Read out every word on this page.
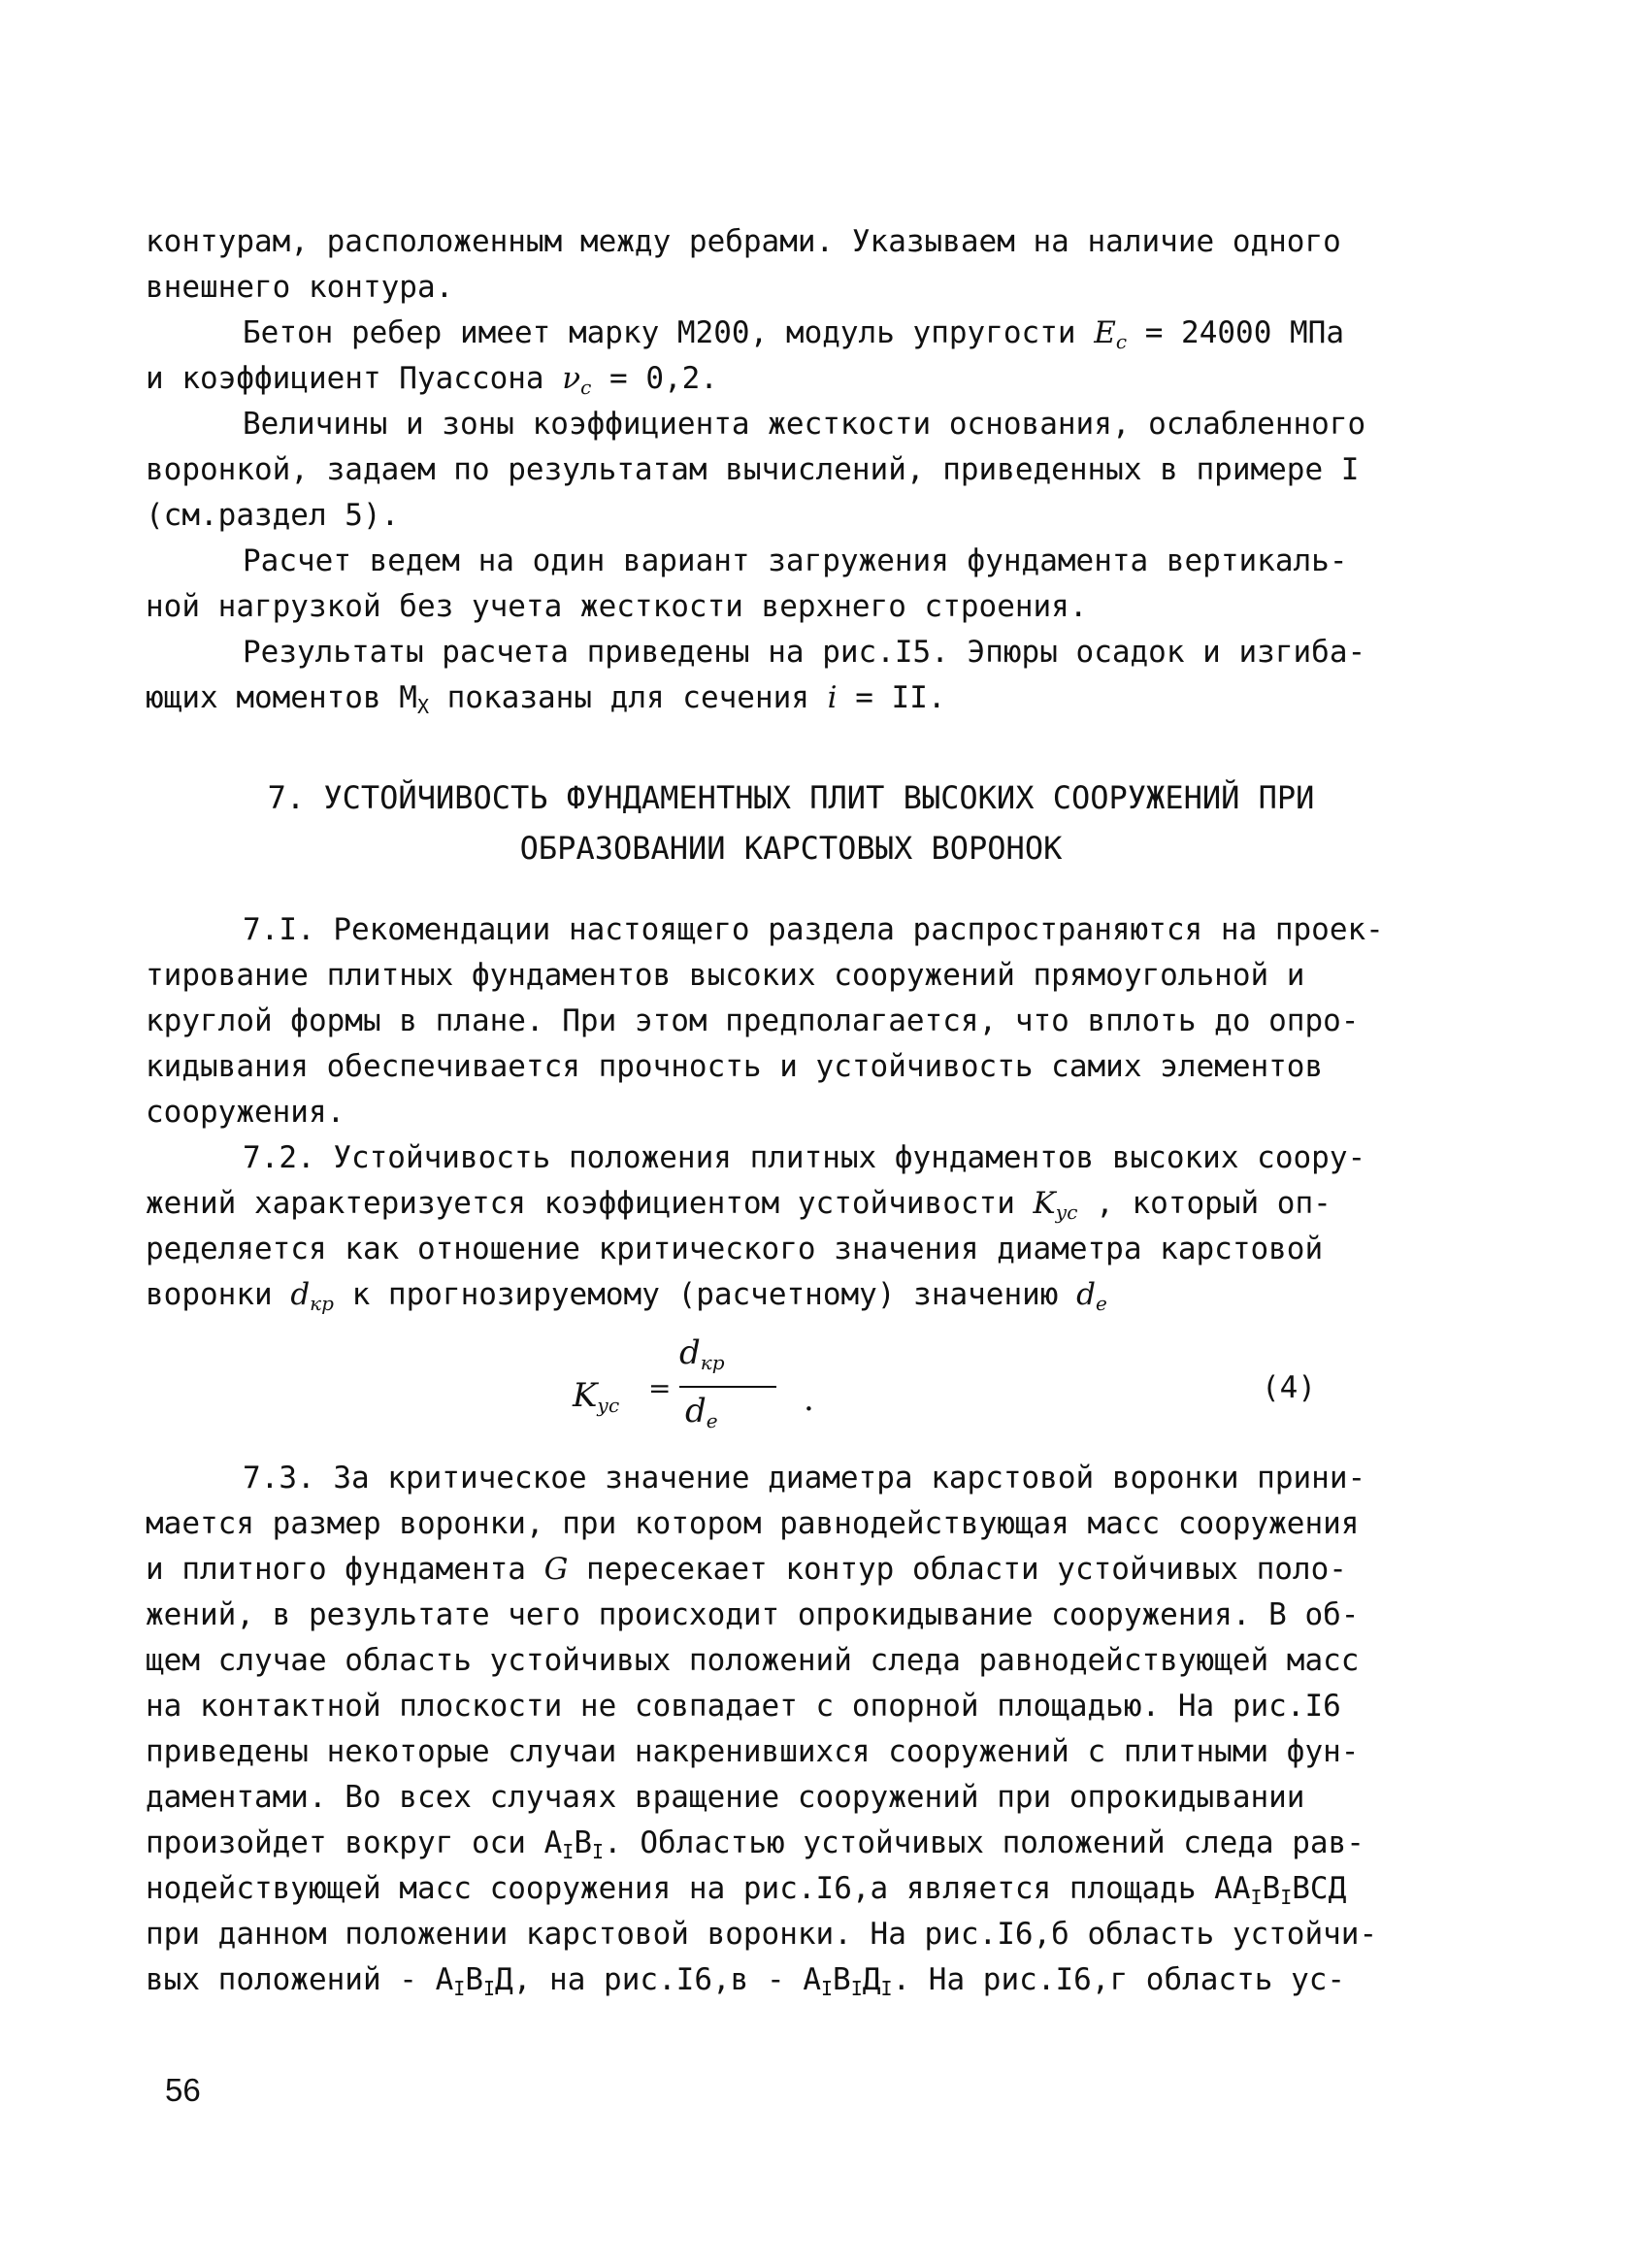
контурам, расположенным между ребрами. Указываем на наличие одного
внешнего контура.
Бетон ребер имеет марку М200, модуль упругости $E_c = 24000$ МПа
и коэффициент Пуассона $\nu_c = 0,2$.
Величины и зоны коэффициента жесткости основания, ослабленного
воронкой, задаем по результатам вычислений, приведенных в примере I
(см.раздел 5).
Расчет ведем на один вариант загружения фундамента вертикаль-
ной нагрузкой без учета жесткости верхнего строения.
Результаты расчета приведены на рис.I5. Эпюры осадок и изгиба-
ющих моментов $М_X$ показаны для сечения i = II.
7. УСТОЙЧИВОСТЬ ФУНДАМЕНТНЫХ ПЛИТ ВЫСОКИХ СООРУЖЕНИЙ ПРИ
ОБРАЗОВАНИИ КАРСТОВЫХ ВОРОНОК
7.I. Рекомендации настоящего раздела распространяются на проек-
тирование плитных фундаментов высоких сооружений прямоугольной и
круглой формы в плане. При этом предполагается, что вплоть до опро-
кидывания обеспечивается прочность и устойчивость самих элементов
сооружения.
7.2. Устойчивость положения плитных фундаментов высоких соору-
жений характеризуется коэффициентом устойчивости $K_{ус}$ , который оп-
ределяется как отношение критического значения диаметра карстовой
воронки $d_{кр}$ к прогнозируемому (расчетному) значению $d_e$
$K_{ус}$
=
$d_{кр}$
$d_e$
.	(4)
7.3. За критическое значение диаметра карстовой воронки прини-
мается размер воронки, при котором равнодействующая масс сооружения
и плитного фундамента G пересекает контур области устойчивых поло-
жений, в результате чего происходит опрокидывание сооружения. В об-
щем случае область устойчивых положений следа равнодействующей масс
на контактной плоскости не совпадает с опорной площадью. На рис.I6
приведены некоторые случаи накренившихся сооружений с плитными фун-
даментами. Во всех случаях вращение сооружений при опрокидывании
произойдет вокруг оси $А_IВ_I$. Областью устойчивых положений следа рав-
нодействующей масс сооружения на рис.I6,а является площадь $АА_IВ_IВСД$
при данном положении карстовой воронки. На рис.I6,б область устойчи-
вых положений - $А_IВ_IД$, на $рис.I6,в - А_IВ_IД_I$. На рис.I6,г область ус-
56
